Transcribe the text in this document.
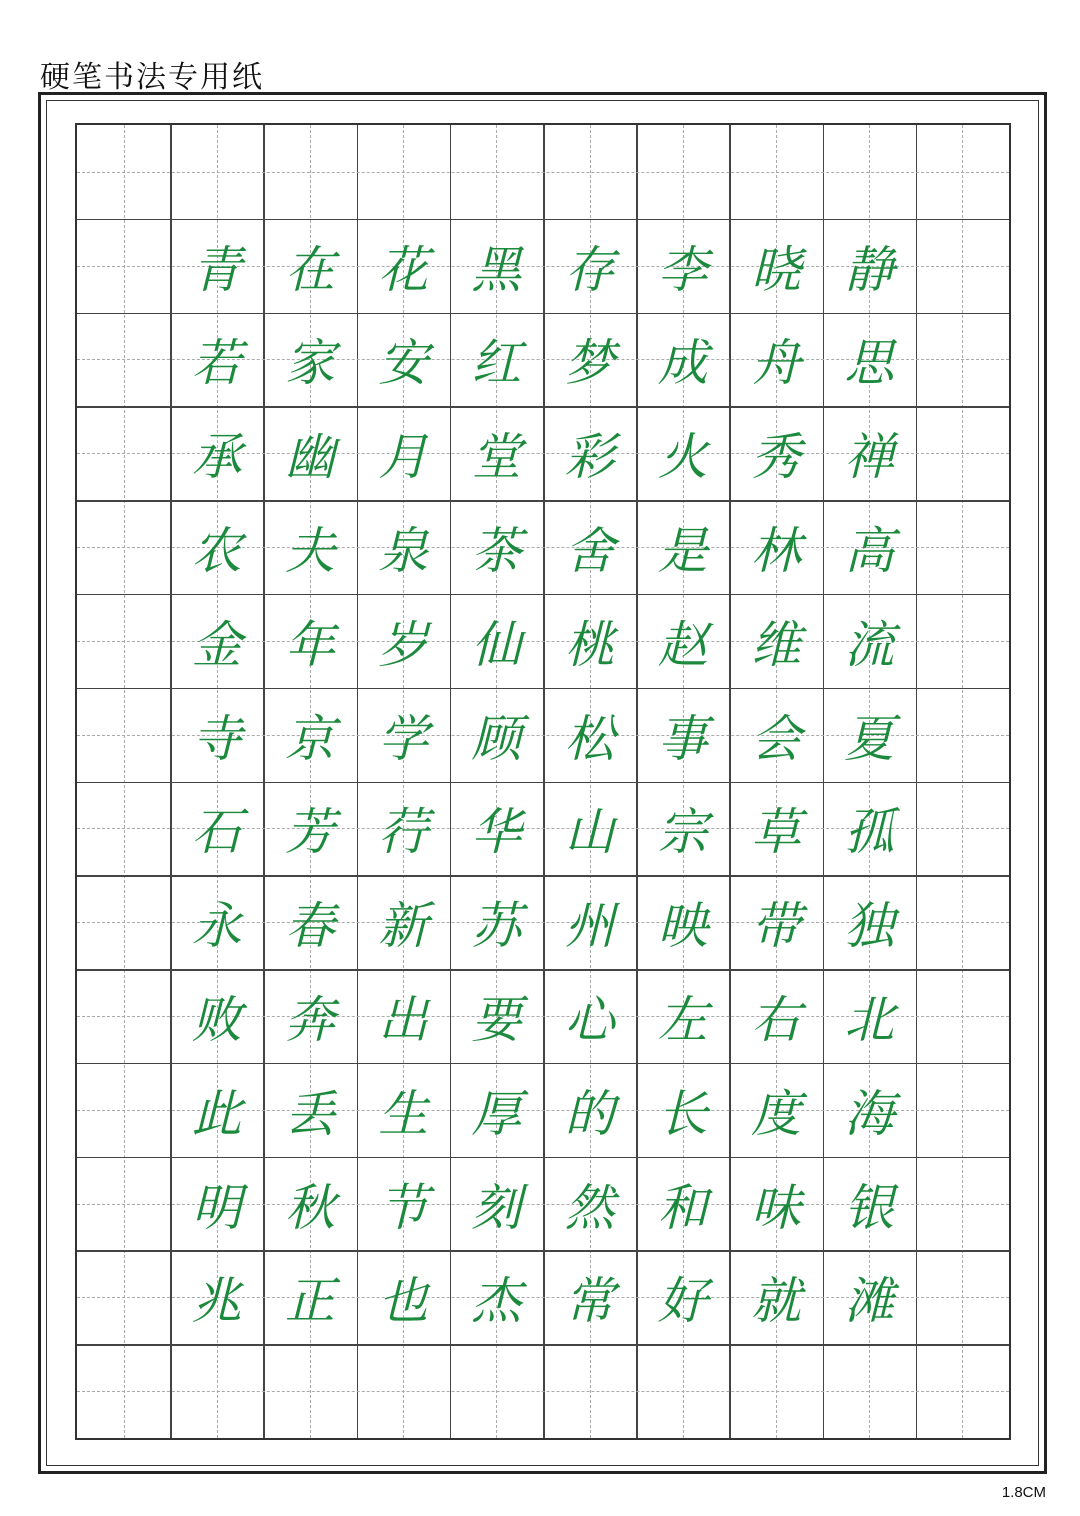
硬笔书法专用纸
青
若
承
农
金
寺
石
永
败
此
明
兆
在
家
幽
夫
年
京
芳
春
奔
丢
秋
正
花
安
月
泉
岁
学
荇
新
出
生
节
也
黑
红
堂
茶
仙
顾
华
苏
要
厚
刻
杰
存
梦
彩
舍
桃
松
山
州
心
的
然
常
李
成
火
是
赵
事
宗
映
左
长
和
好
晓
舟
秀
林
维
会
草
带
右
度
味
就
静
思
禅
高
流
夏
孤
独
北
海
银
滩
1.8CM
